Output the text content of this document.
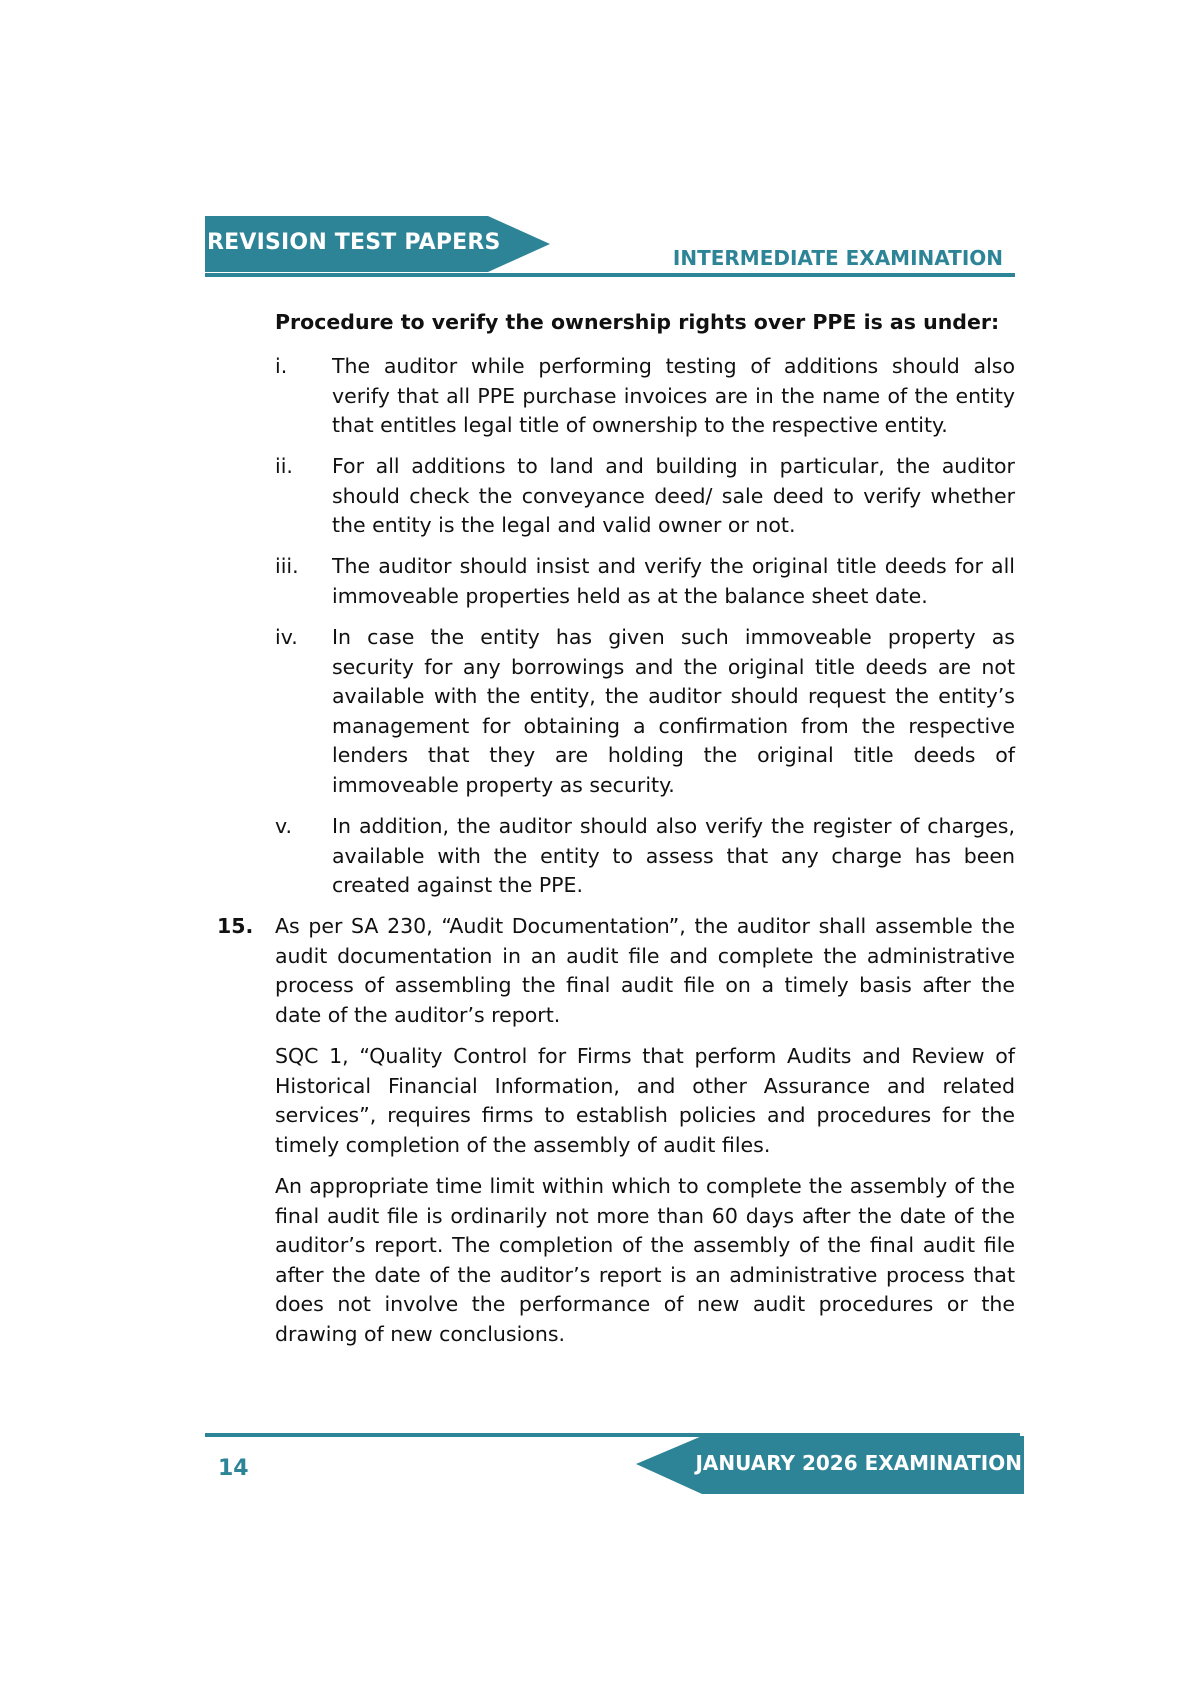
REVISION TEST PAPERS
INTERMEDIATE EXAMINATION
Procedure to verify the ownership rights over PPE is as under:
i.	The auditor while performing testing of additions should also verify that all PPE purchase invoices are in the name of the entity that entitles legal title of ownership to the respective entity.
ii.	For all additions to land and building in particular, the auditor should check the conveyance deed/ sale deed to verify whether the entity is the legal and valid owner or not.
iii.	The auditor should insist and verify the original title deeds for all immoveable properties held as at the balance sheet date.
iv.	In case the entity has given such immoveable property as security for any borrowings and the original title deeds are not available with the entity, the auditor should request the entity’s management for obtaining a confirmation from the respective lenders that they are holding the original title deeds of immoveable property as security.
v.	In addition, the auditor should also verify the register of charges, available with the entity to assess that any charge has been created against the PPE.
15. As per SA 230, “Audit Documentation”, the auditor shall assemble the audit documentation in an audit file and complete the administrative process of assembling the final audit file on a timely basis after the date of the auditor’s report.
SQC 1, “Quality Control for Firms that perform Audits and Review of Historical Financial Information, and other Assurance and related services”, requires firms to establish policies and procedures for the timely completion of the assembly of audit files.
An appropriate time limit within which to complete the assembly of the final audit file is ordinarily not more than 60 days after the date of the auditor’s report. The completion of the assembly of the final audit file after the date of the auditor’s report is an administrative process that does not involve the performance of new audit procedures or the drawing of new conclusions.
JANUARY 2026 EXAMINATION
14
